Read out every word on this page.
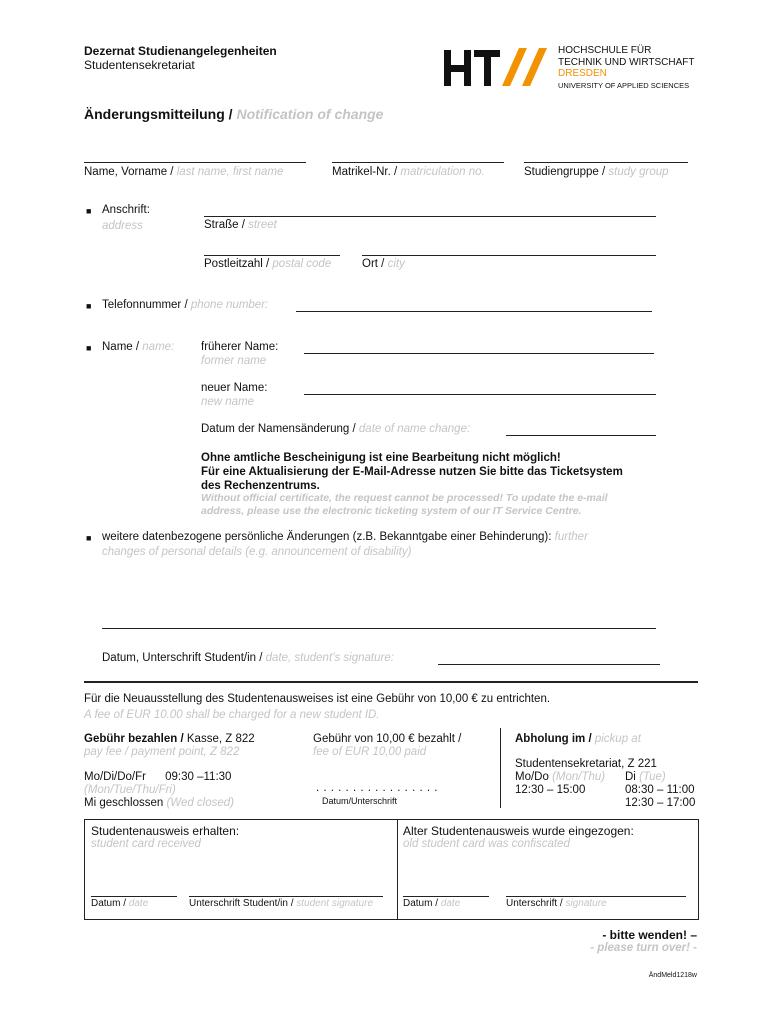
Dezernat Studienangelegenheiten
Studentensekretariat
HOCHSCHULE FÜR
TECHNIK UND WIRTSCHAFT
DRESDEN
UNIVERSITY OF APPLIED SCIENCES
Änderungsmitteilung / Notification of change
Name, Vorname / last name, first name	Matrikel-Nr. / matriculation no.	Studiengruppe / study group
■ Anschrift:
address	Straße / street
Postleitzahl / postal code	Ort / city
■ Telefonnummer / phone number:
■ Name / name: früherer Name:
former name
neuer Name:
new name
Datum der Namensänderung / date of name change:
Ohne amtliche Bescheinigung ist eine Bearbeitung nicht möglich!
Für eine Aktualisierung der E-Mail-Adresse nutzen Sie bitte das Ticketsystem
des Rechenzentrums.
Without official certificate, the request cannot be processed! To update the e-mail
address, please use the electronic ticketing system of our IT Service Centre.
■ weitere datenbezogene persönliche Änderungen (z.B. Bekanntgabe einer Behinderung): further
changes of personal details (e.g. announcement of disability)
Datum, Unterschrift Student/in / date, student’s signature:
Für die Neuausstellung des Studentenausweises ist eine Gebühr von 10,00 € zu entrichten.
A fee of EUR 10.00 shall be charged for a new student ID.
Gebühr bezahlen / Kasse, Z 822
pay fee / payment point, Z 822
Mo/Di/Do/Fr      09:30 –11:30
(Mon/Tue/Thu/Fri)
Mi geschlossen (Wed closed)
Gebühr von 10,00 € bezahlt /
fee of EUR 10,00 paid
. . . . . . . . . . . . . . . . .
Datum/Unterschrift
Abholung im / pickup at
Studentensekretariat, Z 221
Mo/Do (Mon/Thu) Di (Tue)
12:30 – 15:00	08:30 – 11:00
12:30 – 17:00
Studentenausweis erhalten:
student card received
Alter Studentenausweis wurde eingezogen:
old student card was confiscated
Datum / date	Unterschrift Student/in / student signature	Datum / date	Unterschrift / signature
- bitte wenden! –
- please turn over! -
ÄndMeld1218w
